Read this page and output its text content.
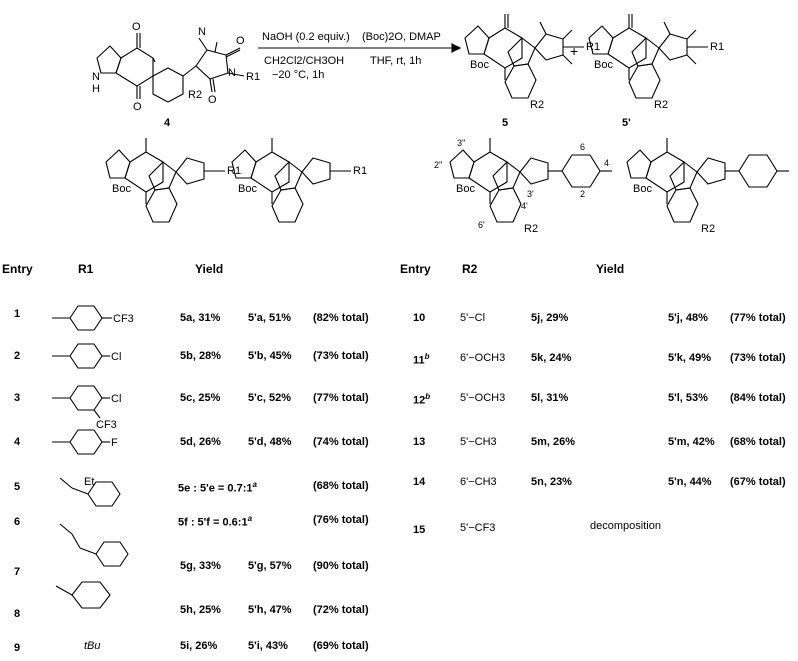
NaOH (0.2 equiv.)
CH2Cl2/CH3OH
−20 °C, 1h
(Boc)2O, DMAP
THF, rt, 1h
+
4	5	5'
O
O
N
H
O
O
N
N R1
R2
Boc
R1
R2
Boc
R1
R2
Boc
R1
Boc
R1
Boc
R2
Boc
R2
3''
2''
6
4
2
3'
4'
6'
Entry	R1	Yield	Entry	R2	Yield
CF3
Cl
Cl
CF3
F
1	5a, 31%	5'a, 51% (82% total)
2	5b, 28% 5'b, 45% (73% total)
3	5c, 25%	5'c, 52% (77% total)
4	5d, 26% 5'd, 48% (74% total)
5	Et
5e : $5'e = 0.7:1^a$	(68% total)
6	5f : $5'f = 0.6:1^a$	(76% total)
7	5g, 33% 5'g, 57% (90% total)
8	5h, 25% 5'h, 47% (72% total)
9	tBu	5i, 26%	5'i, 43% (69% total)
10	5'−Cl	5j, 29%	5'j, 48% (77% total)
11$^b$	6'−OCH3 5k, 24%	5'k, 49% (73% total)
12$^b$	5'−OCH3 5l, 31%	5'l, 53% (84% total)
13	5'−CH3	5m, 26%	5'm, 42% (68% total)
14	6'−CH3	5n, 23%	5'n, 44% (67% total)
15	5'−CF3	decomposition
